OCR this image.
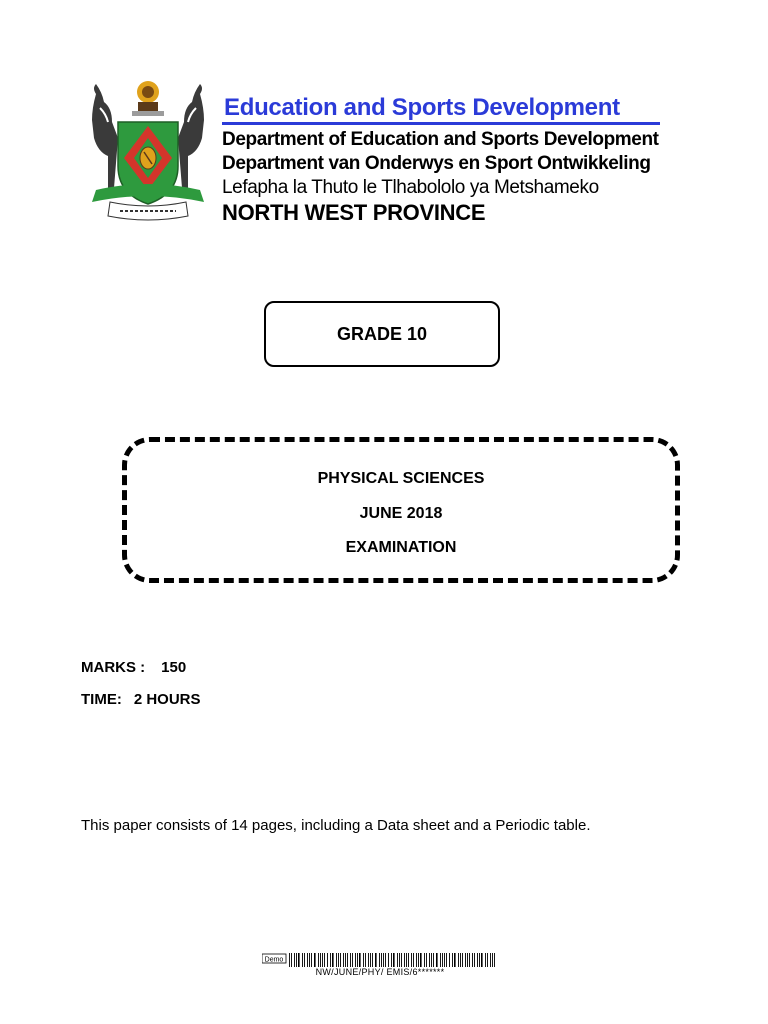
Education and Sports Development
Department of Education and Sports Development
Department van Onderwys en Sport Ontwikkeling
Lefapha la Thuto le Tlhabololo ya Metshameko
NORTH WEST PROVINCE
GRADE 10
PHYSICAL SCIENCES
JUNE 2018
EXAMINATION
MARKS : 150
TIME: 2 HOURS
This paper consists of 14 pages, including a Data sheet and a Periodic table.
Demo
NW/JUNE/PHY/ EMIS/6*******
